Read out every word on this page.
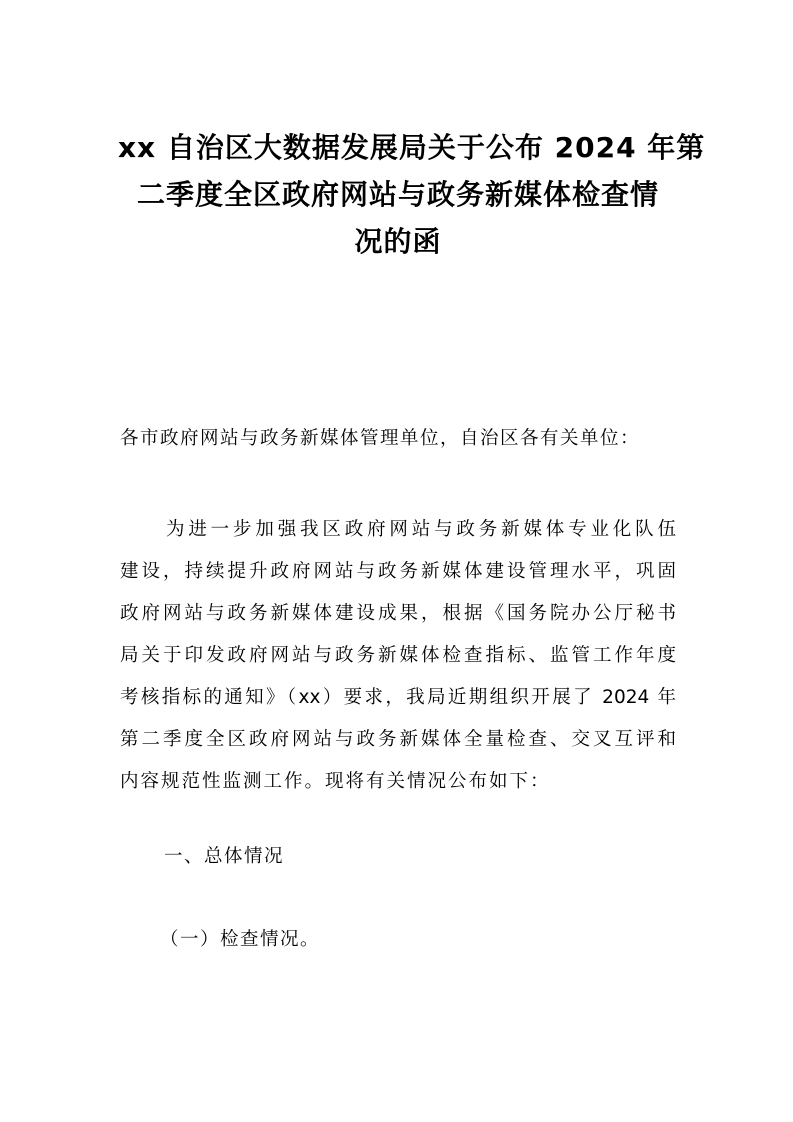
xx 自治区大数据发展局关于公布 2024 年第
二季度全区政府网站与政务新媒体检查情
况的函
各市政府网站与政务新媒体管理单位，自治区各有关单位：
为进一步加强我区政府网站与政务新媒体专业化队伍
建设，持续提升政府网站与政务新媒体建设管理水平，巩固
政府网站与政务新媒体建设成果，根据《国务院办公厅秘书
局关于印发政府网站与政务新媒体检查指标、监管工作年度
考核指标的通知》（xx）要求，我局近期组织开展了 2024 年
第二季度全区政府网站与政务新媒体全量检查、交叉互评和
内容规范性监测工作。现将有关情况公布如下：
一、总体情况
（一）检查情况。
